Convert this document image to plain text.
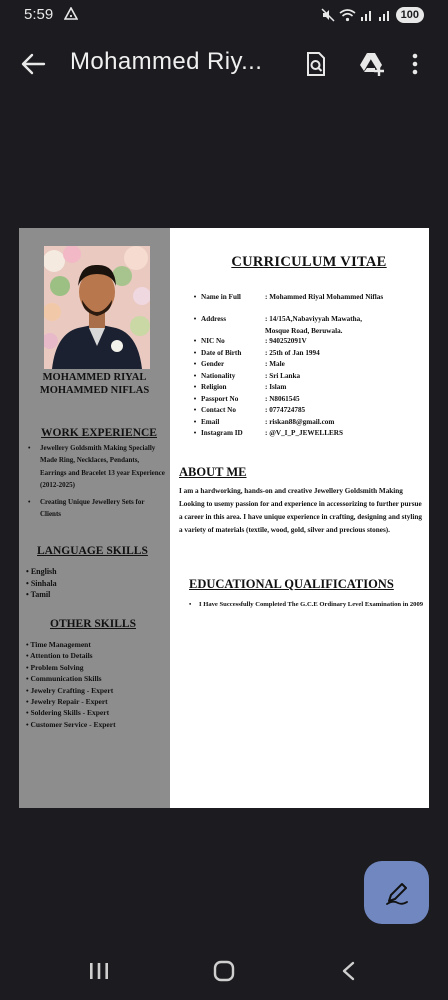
5:59	100
Mohammed Riy...
MOHAMMED RIYAL
MOHAMMED NIFLAS
WORK EXPERIENCE
• Jewellery Goldsmith Making Specially Made Ring, Necklaces, Pendants, Earrings and Bracelet 13 year Experience (2012-2025)
• Creating Unique Jewellery Sets for Clients
LANGUAGE SKILLS
• English
• Sinhala
• Tamil
OTHER SKILLS
• Time Management
• Attention to Details
• Problem Solving
• Communication Skills
• Jewelry Crafting - Expert
• Jewelry Repair - Expert
• Soldering Skills - Expert
• Customer Service - Expert
CURRICULUM VITAE
• Name in Full	: Mohammed Riyal Mohammed Niflas
• Address	: 14/15A,Nabaviyyah Mawatha, Mosque Road, Beruwala.
• NIC No	: 940252091V
• Date of Birth	: 25th of Jan 1994
• Gender	: Male
• Nationality	: Sri Lanka
• Religion	: Islam
• Passport No	: N8061545
• Contact No	: 0774724785
• Email	: riskan88@gmail.com
• Instagram ID	: @V_I_P_JEWELLERS
ABOUT ME
I am a hardworking, hands-on and creative Jewellery Goldsmith Making Looking to usemy passion for and experience in accessorizing to further pursue a career in this area. I have unique experience in crafting, designing and styling a variety of materials (textile, wood, gold, silver and precious stones).
EDUCATIONAL QUALIFICATIONS
• I Have Successfully Completed The G.C.E Ordinary Level Examination in 2009
